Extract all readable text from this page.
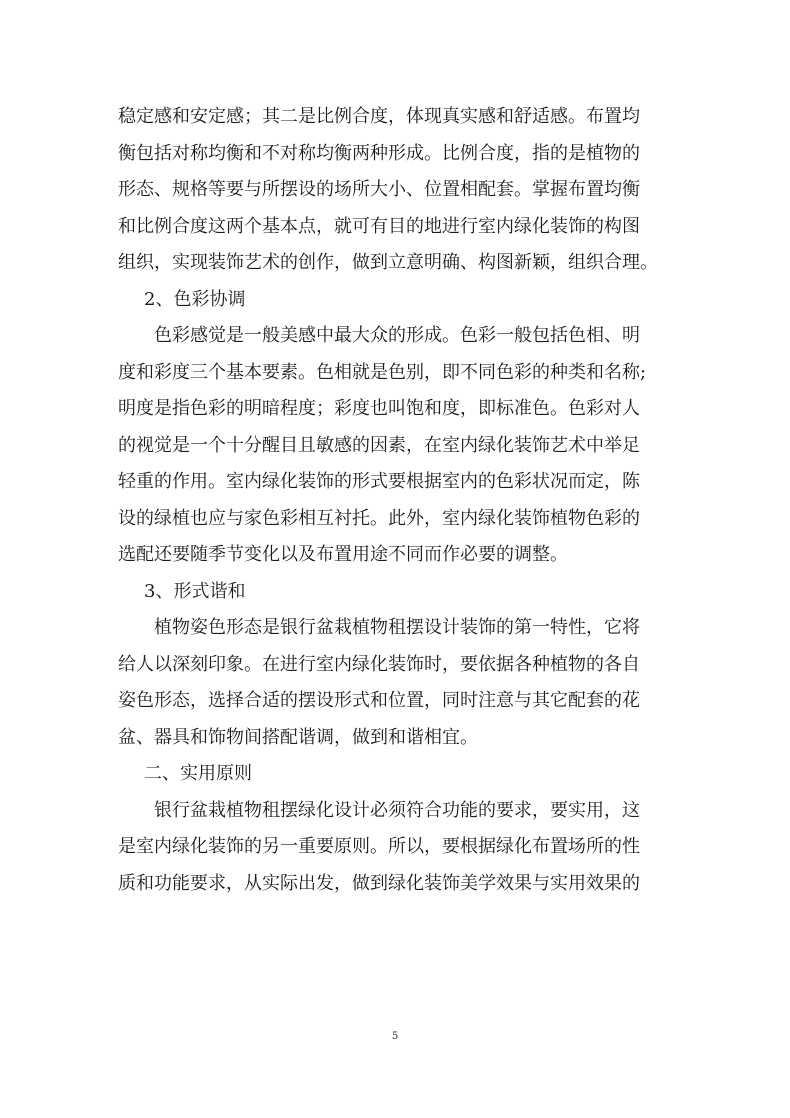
稳定感和安定感；其二是比例合度，体现真实感和舒适感。布置均
衡包括对称均衡和不对称均衡两种形成。比例合度，指的是植物的
形态、规格等要与所摆设的场所大小、位置相配套。掌握布置均衡
和比例合度这两个基本点，就可有目的地进行室内绿化装饰的构图
组织，实现装饰艺术的创作，做到立意明确、构图新颖，组织合理。
2、色彩协调
色彩感觉是一般美感中最大众的形成。色彩一般包括色相、明
度和彩度三个基本要素。色相就是色别，即不同色彩的种类和名称;
明度是指色彩的明暗程度；彩度也叫饱和度，即标准色。色彩对人
的视觉是一个十分醒目且敏感的因素，在室内绿化装饰艺术中举足
轻重的作用。室内绿化装饰的形式要根据室内的色彩状况而定，陈
设的绿植也应与家色彩相互衬托。此外，室内绿化装饰植物色彩的
选配还要随季节变化以及布置用途不同而作必要的调整。
3、形式谐和
植物姿色形态是银行盆栽植物租摆设计装饰的第一特性，它将
给人以深刻印象。在进行室内绿化装饰时，要依据各种植物的各自
姿色形态，选择合适的摆设形式和位置，同时注意与其它配套的花
盆、器具和饰物间搭配谐调，做到和谐相宜。
二、实用原则
银行盆栽植物租摆绿化设计必须符合功能的要求，要实用，这
是室内绿化装饰的另一重要原则。所以，要根据绿化布置场所的性
质和功能要求，从实际出发，做到绿化装饰美学效果与实用效果的
5
